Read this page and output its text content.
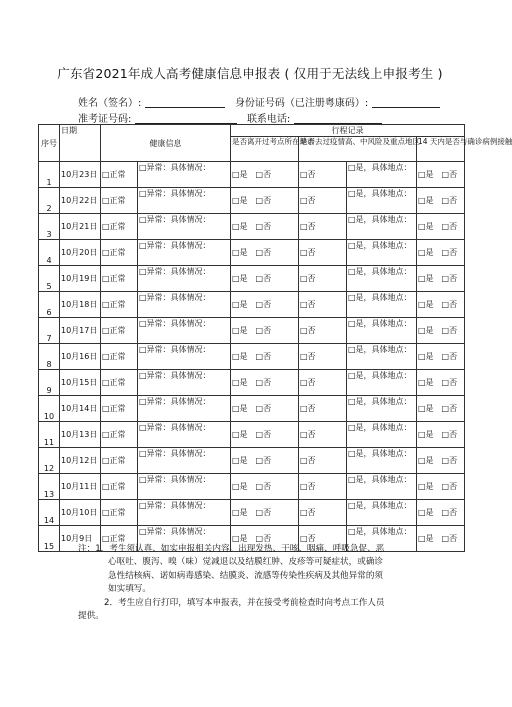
广东省2021年成人高考健康信息申报表 ( 仅用于无法线上申报考生 )
姓名（签名）:	身份证号码（已注册粤康码）:
准考证号码:	联系电话:
序号	日期	健康信息		行程记录			
				是否离开过考点所在地市	是否去过疫情高、中风险及重点地区		14 天内是否与确诊病例接触
1	10月23日	□正常	□异常：具体情况：	□是　□否	□否	□是，具体地点：	□是　□否
2	10月22日	□正常	□异常：具体情况：	□是　□否	□否	□是，具体地点：	□是　□否
3	10月21日	□正常	□异常：具体情况：	□是　□否	□否	□是，具体地点：	□是　□否
4	10月20日	□正常	□异常：具体情况：	□是　□否	□否	□是，具体地点：	□是　□否
5	10月19日	□正常	□异常：具体情况：	□是　□否	□否	□是，具体地点：	□是　□否
6	10月18日	□正常	□异常：具体情况：	□是　□否	□否	□是，具体地点：	□是　□否
7	10月17日	□正常	□异常：具体情况：	□是　□否	□否	□是，具体地点：	□是　□否
8	10月16日	□正常	□异常：具体情况：	□是　□否	□否	□是，具体地点：	□是　□否
9	10月15日	□正常	□异常：具体情况：	□是　□否	□否	□是，具体地点：	□是　□否
10	10月14日	□正常	□异常：具体情况：	□是　□否	□否	□是，具体地点：	□是　□否
11	10月13日	□正常	□异常：具体情况：	□是　□否	□否	□是，具体地点：	□是　□否
12	10月12日	□正常	□异常：具体情况：	□是　□否	□否	□是，具体地点：	□是　□否
13	10月11日	□正常	□异常：具体情况：	□是　□否	□否	□是，具体地点：	□是　□否
14	10月10日	□正常	□异常：具体情况：	□是　□否	□否	□是，具体地点：	□是　□否
15	10月9日	□正常	□异常：具体情况：	□是　□否	□否	□是，具体地点：	□是　□否

注：1．考生须认真、如实申报相关内容。出现发热、干咳、咽痛、呼吸急促、恶

心呕吐、腹泻、嗅（味）觉减退以及结膜红肿、皮疹等可疑症状，或确诊

急性结核病、诺如病毒感染、结膜炎、流感等传染性疾病及其他异常的须

如实填写。

2．考生应自行打印，填写本申报表，并在接受考前检查时向考点工作人员

提供。
